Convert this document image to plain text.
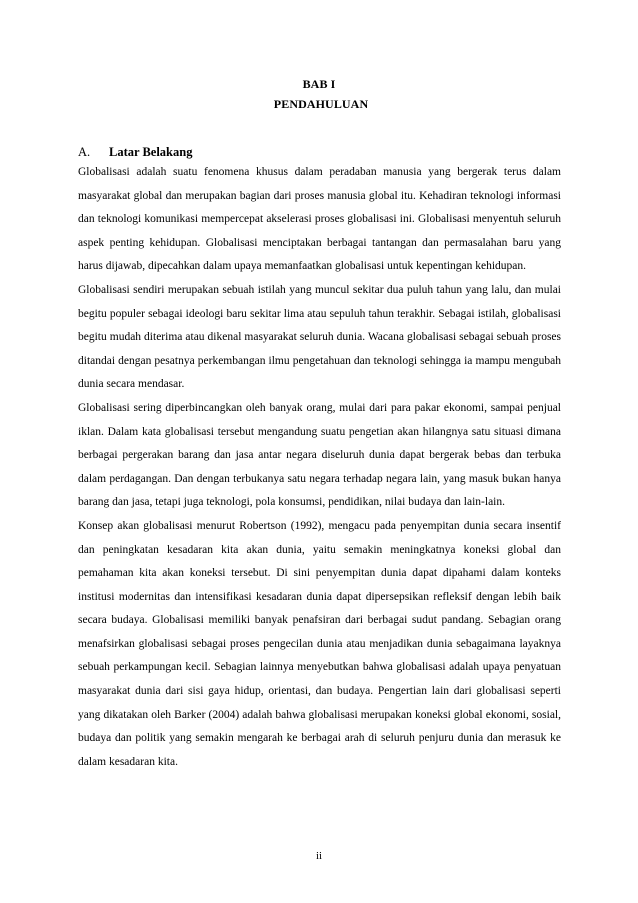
BAB I
PENDAHULUAN
A. Latar Belakang

Globalisasi adalah suatu fenomena khusus dalam peradaban manusia yang bergerak terus dalam masyarakat global dan merupakan bagian dari proses manusia global itu. Kehadiran teknologi informasi dan teknologi komunikasi mempercepat akselerasi proses globalisasi ini. Globalisasi menyentuh seluruh aspek penting kehidupan. Globalisasi menciptakan berbagai tantangan dan permasalahan baru yang harus dijawab, dipecahkan dalam upaya memanfaatkan globalisasi untuk kepentingan kehidupan.

Globalisasi sendiri merupakan sebuah istilah yang muncul sekitar dua puluh tahun yang lalu, dan mulai begitu populer sebagai ideologi baru sekitar lima atau sepuluh tahun terakhir. Sebagai istilah, globalisasi begitu mudah diterima atau dikenal masyarakat seluruh dunia. Wacana globalisasi sebagai sebuah proses ditandai dengan pesatnya perkembangan ilmu pengetahuan dan teknologi sehingga ia mampu mengubah dunia secara mendasar.

Globalisasi sering diperbincangkan oleh banyak orang, mulai dari para pakar ekonomi, sampai penjual iklan. Dalam kata globalisasi tersebut mengandung suatu pengetian akan hilangnya satu situasi dimana berbagai pergerakan barang dan jasa antar negara diseluruh dunia dapat bergerak bebas dan terbuka dalam perdagangan. Dan dengan terbukanya satu negara terhadap negara lain, yang masuk bukan hanya barang dan jasa, tetapi juga teknologi, pola konsumsi, pendidikan, nilai budaya dan lain-lain.

Konsep akan globalisasi menurut Robertson (1992), mengacu pada penyempitan dunia secara insentif dan peningkatan kesadaran kita akan dunia, yaitu semakin meningkatnya koneksi global dan pemahaman kita akan koneksi tersebut. Di sini penyempitan dunia dapat dipahami dalam konteks institusi modernitas dan intensifikasi kesadaran dunia dapat dipersepsikan refleksif dengan lebih baik secara budaya. Globalisasi memiliki banyak penafsiran dari berbagai sudut pandang. Sebagian orang menafsirkan globalisasi sebagai proses pengecilan dunia atau menjadikan dunia sebagaimana layaknya sebuah perkampungan kecil. Sebagian lainnya menyebutkan bahwa globalisasi adalah upaya penyatuan masyarakat dunia dari sisi gaya hidup, orientasi, dan budaya. Pengertian lain dari globalisasi seperti yang dikatakan oleh Barker (2004) adalah bahwa globalisasi merupakan koneksi global ekonomi, sosial, budaya dan politik yang semakin mengarah ke berbagai arah di seluruh penjuru dunia dan merasuk ke dalam kesadaran kita.

ii
